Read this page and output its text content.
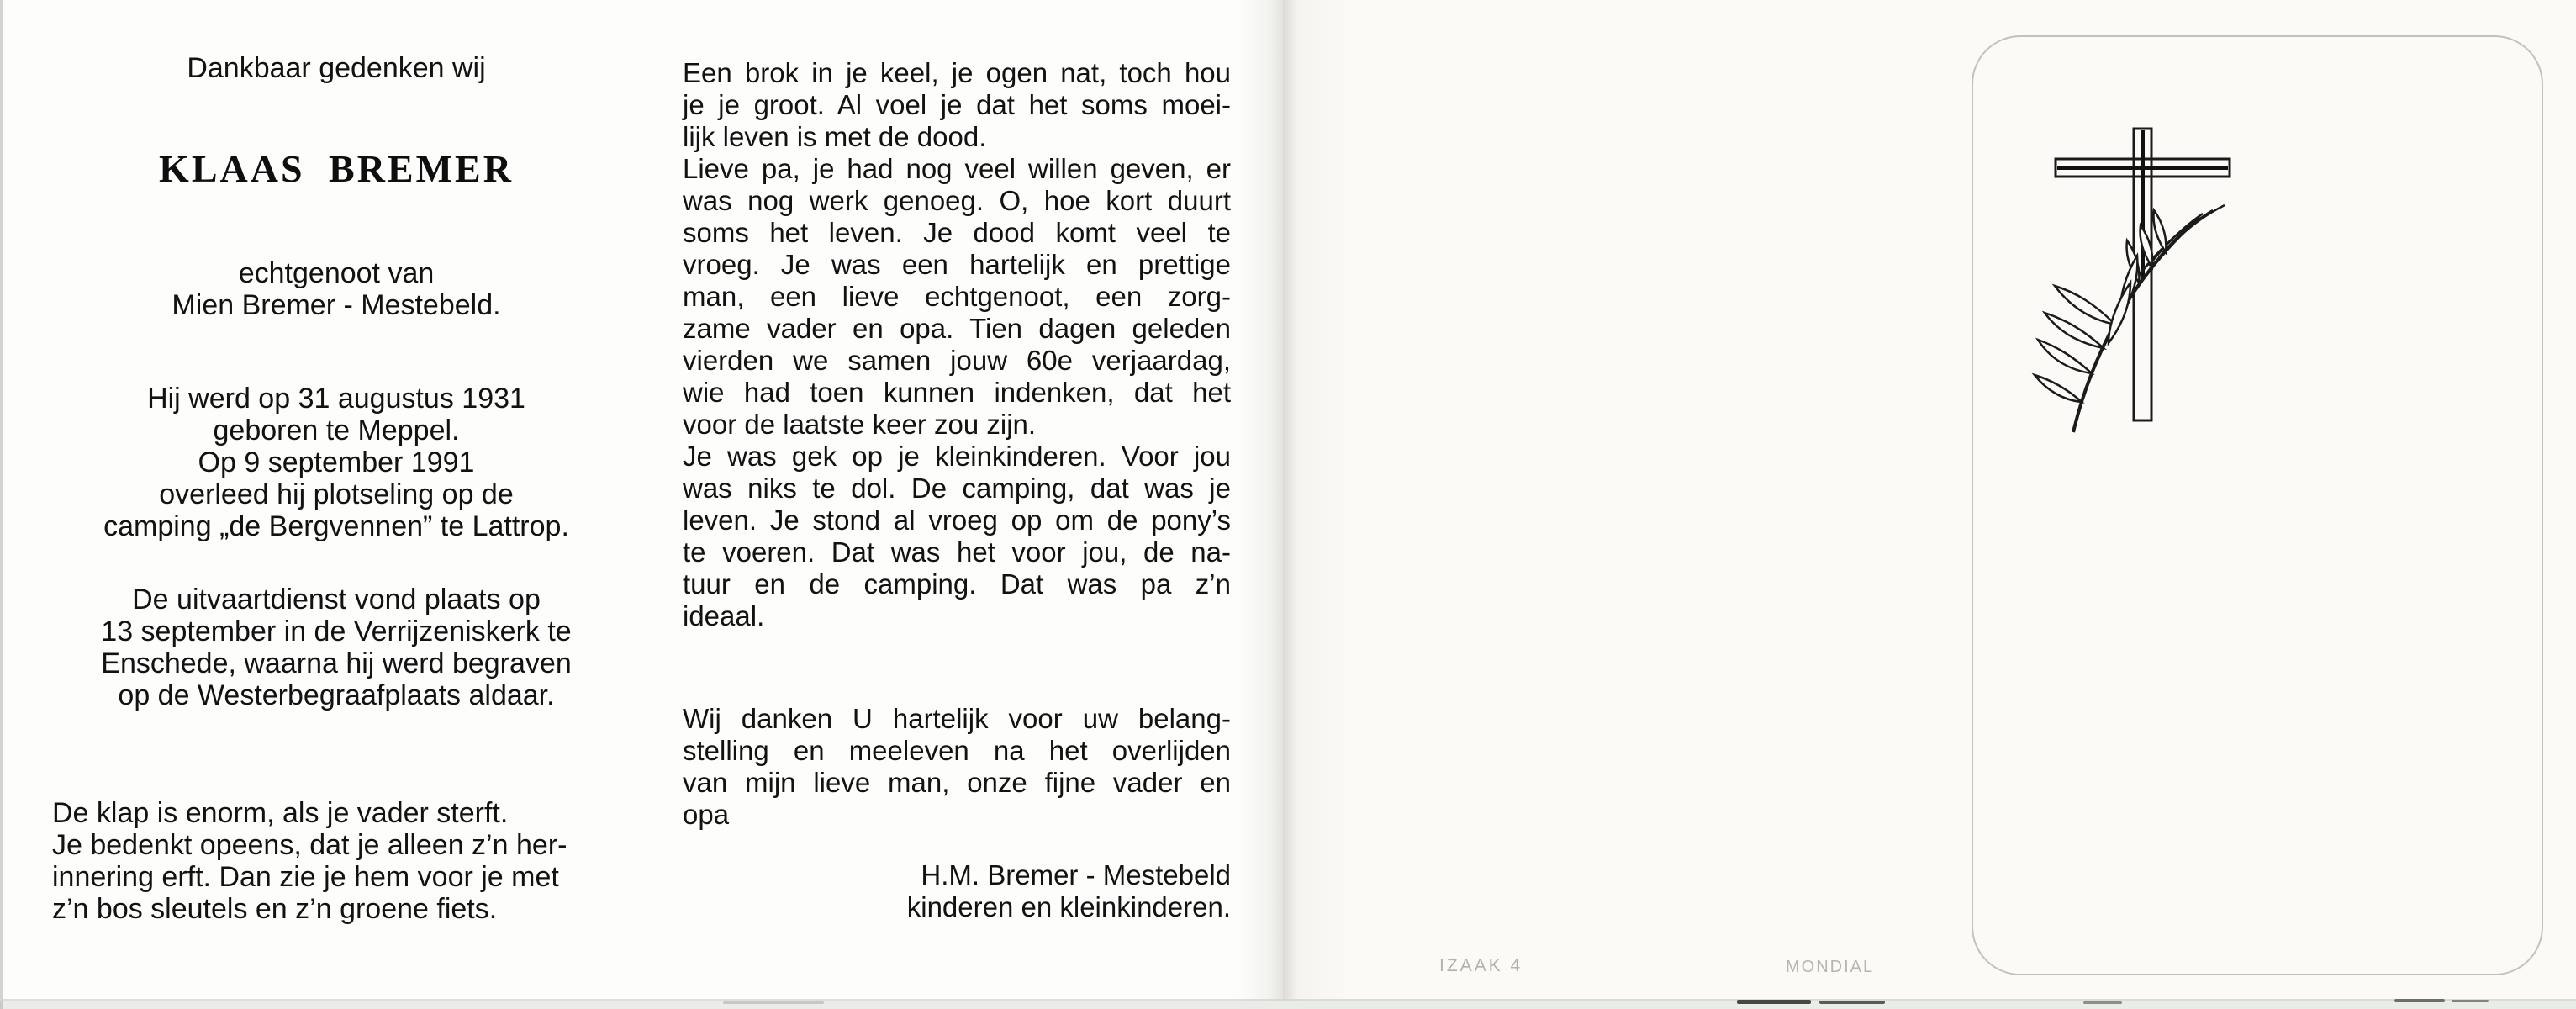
Dankbaar gedenken wij
KLAAS BREMER
echtgenoot van
Mien Bremer - Mestebeld.
Hij werd op 31 augustus 1931
geboren te Meppel.
Op 9 september 1991
overleed hij plotseling op de
camping „de Bergvennen” te Lattrop.
De uitvaartdienst vond plaats op
13 september in de Verrijzeniskerk te
Enschede, waarna hij werd begraven
op de Westerbegraafplaats aldaar.
De klap is enorm, als je vader sterft.
Je bedenkt opeens, dat je alleen z’n her-
innering erft. Dan zie je hem voor je met
z’n bos sleutels en z’n groene fiets.
Een brok in je keel, je ogen nat, toch hou
je je groot. Al voel je dat het soms moei-
lijk leven is met de dood.
Lieve pa, je had nog veel willen geven, er
was nog werk genoeg. O, hoe kort duurt
soms het leven. Je dood komt veel te
vroeg. Je was een hartelijk en prettige
man, een lieve echtgenoot, een zorg-
zame vader en opa. Tien dagen geleden
vierden we samen jouw 60e verjaardag,
wie had toen kunnen indenken, dat het
voor de laatste keer zou zijn.
Je was gek op je kleinkinderen. Voor jou
was niks te dol. De camping, dat was je
leven. Je stond al vroeg op om de pony’s
te voeren. Dat was het voor jou, de na-
tuur en de camping. Dat was pa z’n
ideaal.
Wij danken U hartelijk voor uw belang-
stelling en meeleven na het overlijden
van mijn lieve man, onze fijne vader en
opa
H.M. Bremer - Mestebeld
kinderen en kleinkinderen.
IZAAK 4	MONDIAL
